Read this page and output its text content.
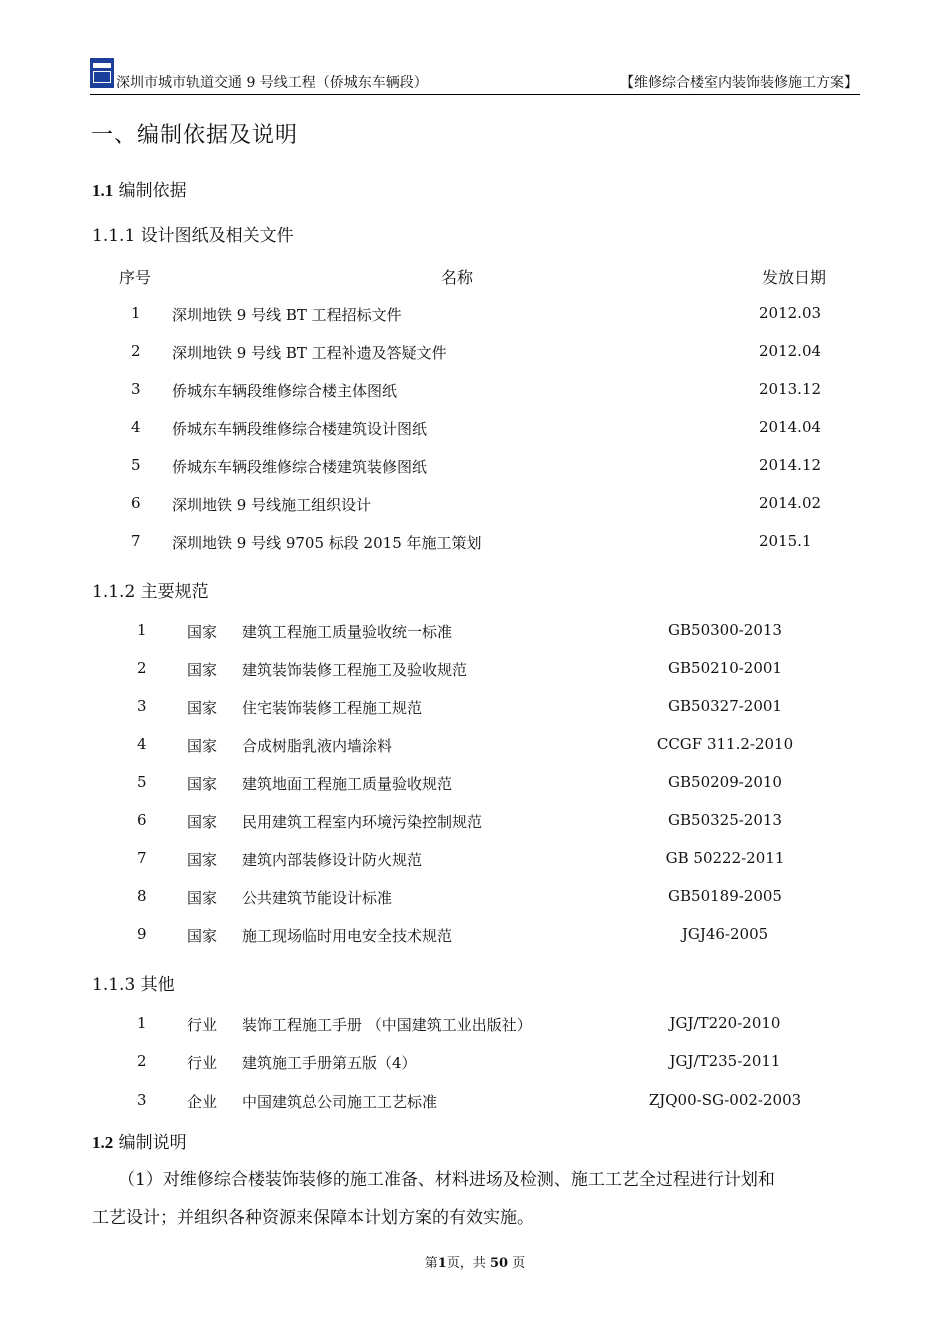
深圳市城市轨道交通 9 号线工程（侨城东车辆段）	【维修综合楼室内装饰装修施工方案】
一、编制依据及说明
1.1 编制依据
1.1.1 设计图纸及相关文件
序号	名称	发放日期
1 深圳地铁 9 号线 BT 工程招标文件	2012.03
2 深圳地铁 9 号线 BT 工程补遗及答疑文件	2012.04
3 侨城东车辆段维修综合楼主体图纸	2013.12
4 侨城东车辆段维修综合楼建筑设计图纸	2014.04
5 侨城东车辆段维修综合楼建筑装修图纸	2014.12
6 深圳地铁 9 号线施工组织设计	2014.02
7 深圳地铁 9 号线 9705 标段 2015 年施工策划	2015.1
1.1.2 主要规范
1	国家 建筑工程施工质量验收统一标准	GB50300-2013
2	国家 建筑装饰装修工程施工及验收规范	GB50210-2001
3	国家 住宅装饰装修工程施工规范	GB50327-2001
4	国家 合成树脂乳液内墙涂料	CCGF 311.2-2010
5	国家 建筑地面工程施工质量验收规范	GB50209-2010
6	国家 民用建筑工程室内环境污染控制规范	GB50325-2013
7	国家 建筑内部装修设计防火规范	GB 50222-2011
8	国家 公共建筑节能设计标准	GB50189-2005
9	国家 施工现场临时用电安全技术规范	JGJ46-2005
1.1.3 其他
1	行业 装饰工程施工手册 （中国建筑工业出版社）	JGJ/T220-2010
2	行业 建筑施工手册第五版（4）	JGJ/T235-2011
3	企业 中国建筑总公司施工工艺标准	ZJQ00-SG-002-2003
1.2 编制说明
（1）对维修综合楼装饰装修的施工准备、材料进场及检测、施工工艺全过程进行计划和
工艺设计；并组织各种资源来保障本计划方案的有效实施。
第1页，共 50 页
